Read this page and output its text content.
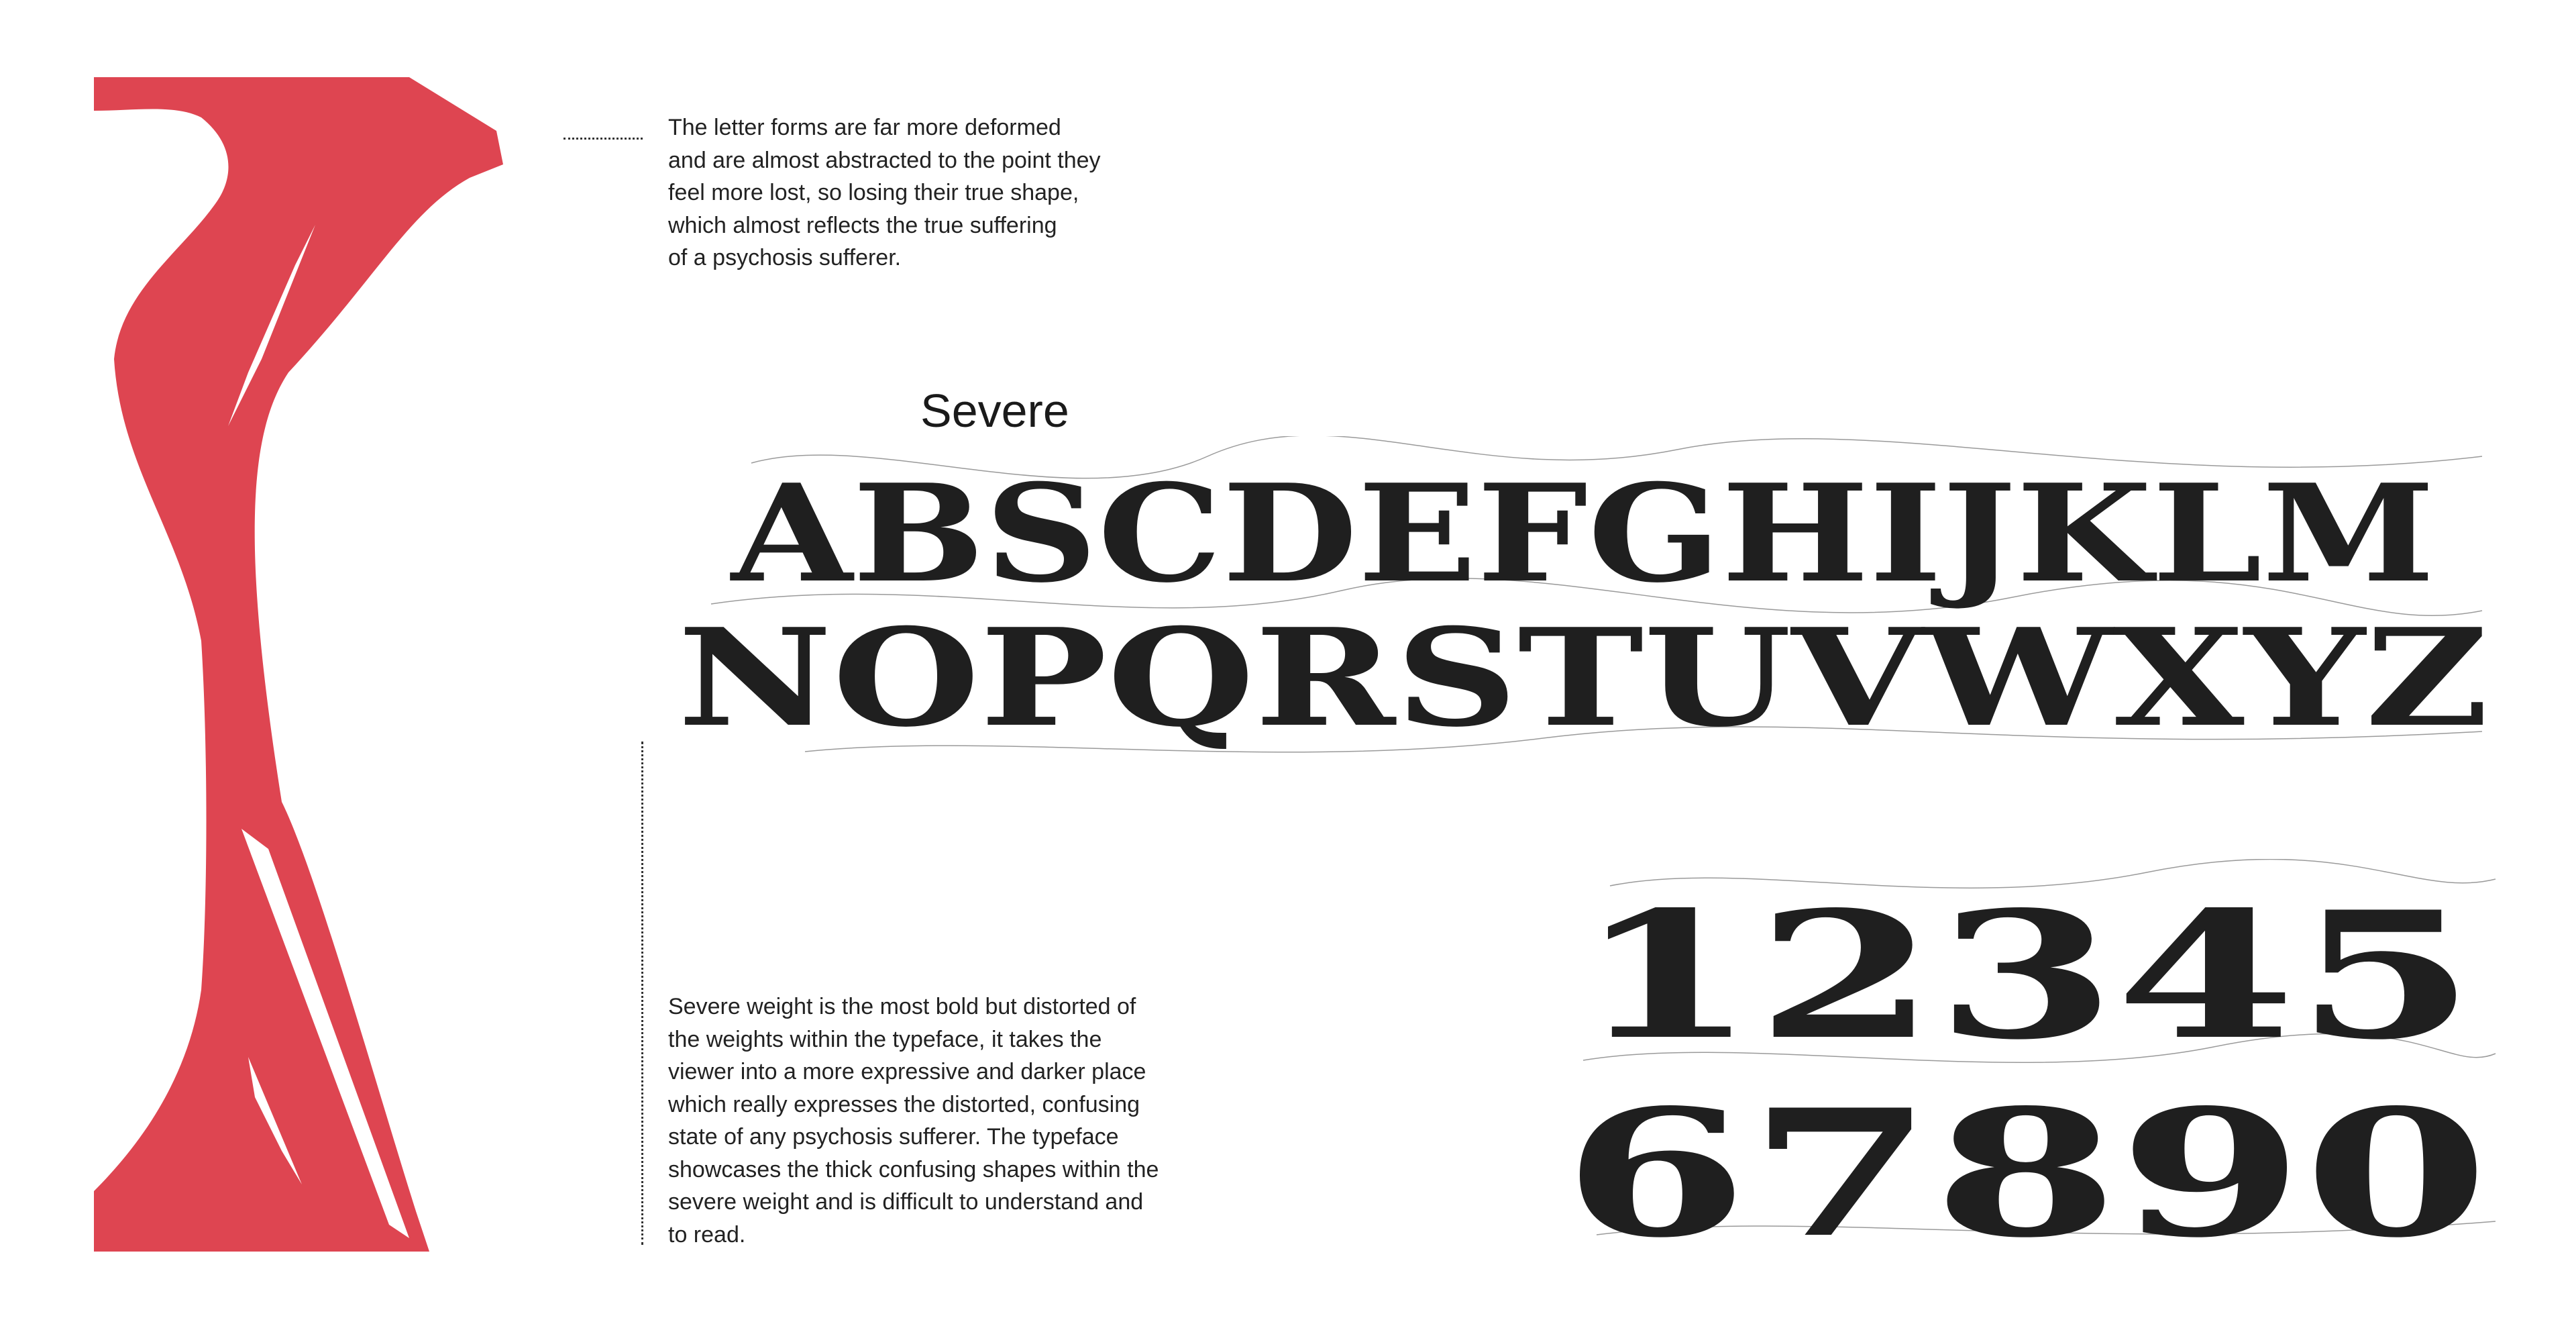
The letter forms are far more deformed
and are almost abstracted to the point they
feel more lost, so losing their true shape,
which almost reflects the true suffering
of a psychosis sufferer.

Severe

ABSCDEFGHIJKLM
NOPQRSTUVWXYZ

Severe weight is the most bold but distorted of
the weights within the typeface, it takes the
viewer into a more expressive and darker place
which really expresses the distorted, confusing
state of any psychosis sufferer. The typeface
showcases the thick confusing shapes within the
severe weight and is difficult to understand and
to read.

12345
67890
